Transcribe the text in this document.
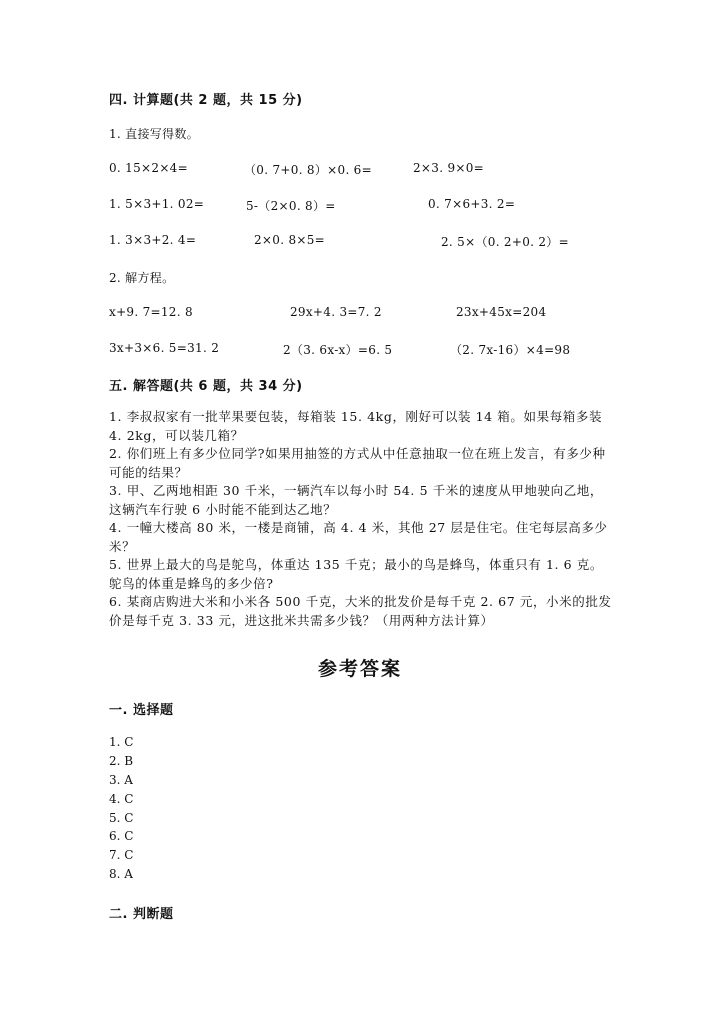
四. 计算题(共 2 题，共 15 分)
1. 直接写得数。
0. 15×2×4=	（0. 7+0. 8）×0. 6=	2×3. 9×0=
1. 5×3+1. 02=	5-（2×0. 8）=	0. 7×6+3. 2=
1. 3×3+2. 4=	2×0. 8×5=	2. 5×（0. 2+0. 2）=
2. 解方程。
x+9. 7=12. 8	29x+4. 3=7. 2	23x+45x=204
3x+3×6. 5=31. 2	2（3. 6x-x）=6. 5	（2. 7x-16）×4=98
五. 解答题(共 6 题，共 34 分)
1. 李叔叔家有一批苹果要包装，每箱装 15. 4kg，刚好可以装 14 箱。如果每箱多装 4. 2kg，可以装几箱？
2. 你们班上有多少位同学?如果用抽签的方式从中任意抽取一位在班上发言，有多少种可能的结果？
3. 甲、乙两地相距 30 千米，一辆汽车以每小时 54. 5 千米的速度从甲地驶向乙地，这辆汽车行驶 6 小时能不能到达乙地？
4. 一幢大楼高 80 米，一楼是商铺，高 4. 4 米，其他 27 层是住宅。住宅每层高多少米？
5. 世界上最大的鸟是鸵鸟，体重达 135 千克；最小的鸟是蜂鸟，体重只有 1. 6 克。鸵鸟的体重是蜂鸟的多少倍?
6. 某商店购进大米和小米各 500 千克，大米的批发价是每千克 2. 67 元，小米的批发价是每千克 3. 33 元，进这批米共需多少钱？（用两种方法计算）
参考答案
一. 选择题
1. C
2. B
3. A
4. C
5. C
6. C
7. C
8. A
二. 判断题
